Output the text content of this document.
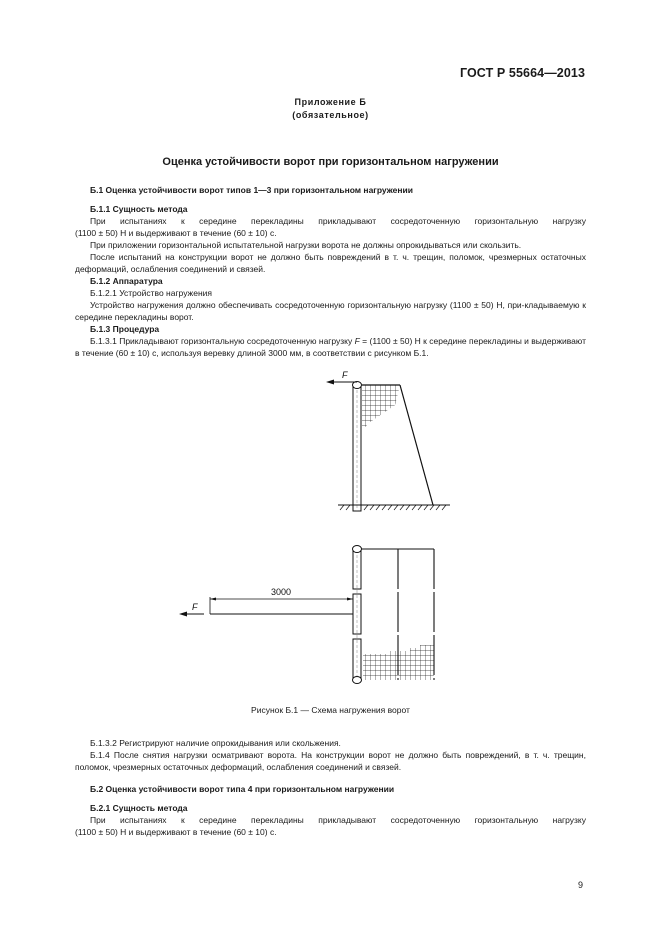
ГОСТ Р 55664—2013
Приложение Б
(обязательное)
Оценка устойчивости ворот при горизонтальном нагружении

Б.1 Оценка устойчивости ворот типов 1—3 при горизонтальном нагружении

Б.1.1 Сущность метода

При испытаниях к середине перекладины прикладывают сосредоточенную горизонтальную нагрузку

(1100 ± 50) Н и выдерживают в течение (60 ± 10) с.

При приложении горизонтальной испытательной нагрузки ворота не должны опрокидываться или скользить.

После испытаний на конструкции ворот не должно быть повреждений в т. ч. трещин, поломок, чрезмерных остаточных деформаций, ослабления соединений и связей.

Б.1.2 Аппаратура

Б.1.2.1 Устройство нагружения

Устройство нагружения должно обеспечивать сосредоточенную горизонтальную нагрузку (1100 ± 50) Н, при-кладываемую к середине перекладины ворот.

Б.1.3 Процедура

Б.1.3.1 Прикладывают горизонтальную сосредоточенную нагрузку F = (1100 ± 50) Н к середине перекладины и выдерживают в течение (60 ± 10) с, используя веревку длиной 3000 мм, в соответствии с рисунком Б.1.

F
3000
F
Рисунок Б.1 — Схема нагружения ворот

Б.1.3.2 Регистрируют наличие опрокидывания или скольжения.

Б.1.4 После снятия нагрузки осматривают ворота. На конструкции ворот не должно быть повреждений, в т. ч. трещин, поломок, чрезмерных остаточных деформаций, ослабления соединений и связей.

Б.2 Оценка устойчивости ворот типа 4 при горизонтальном нагружении

Б.2.1 Сущность метода

При испытаниях к середине перекладины прикладывают сосредоточенную горизонтальную нагрузку

(1100 ± 50) Н и выдерживают в течение (60 ± 10) с.

9
